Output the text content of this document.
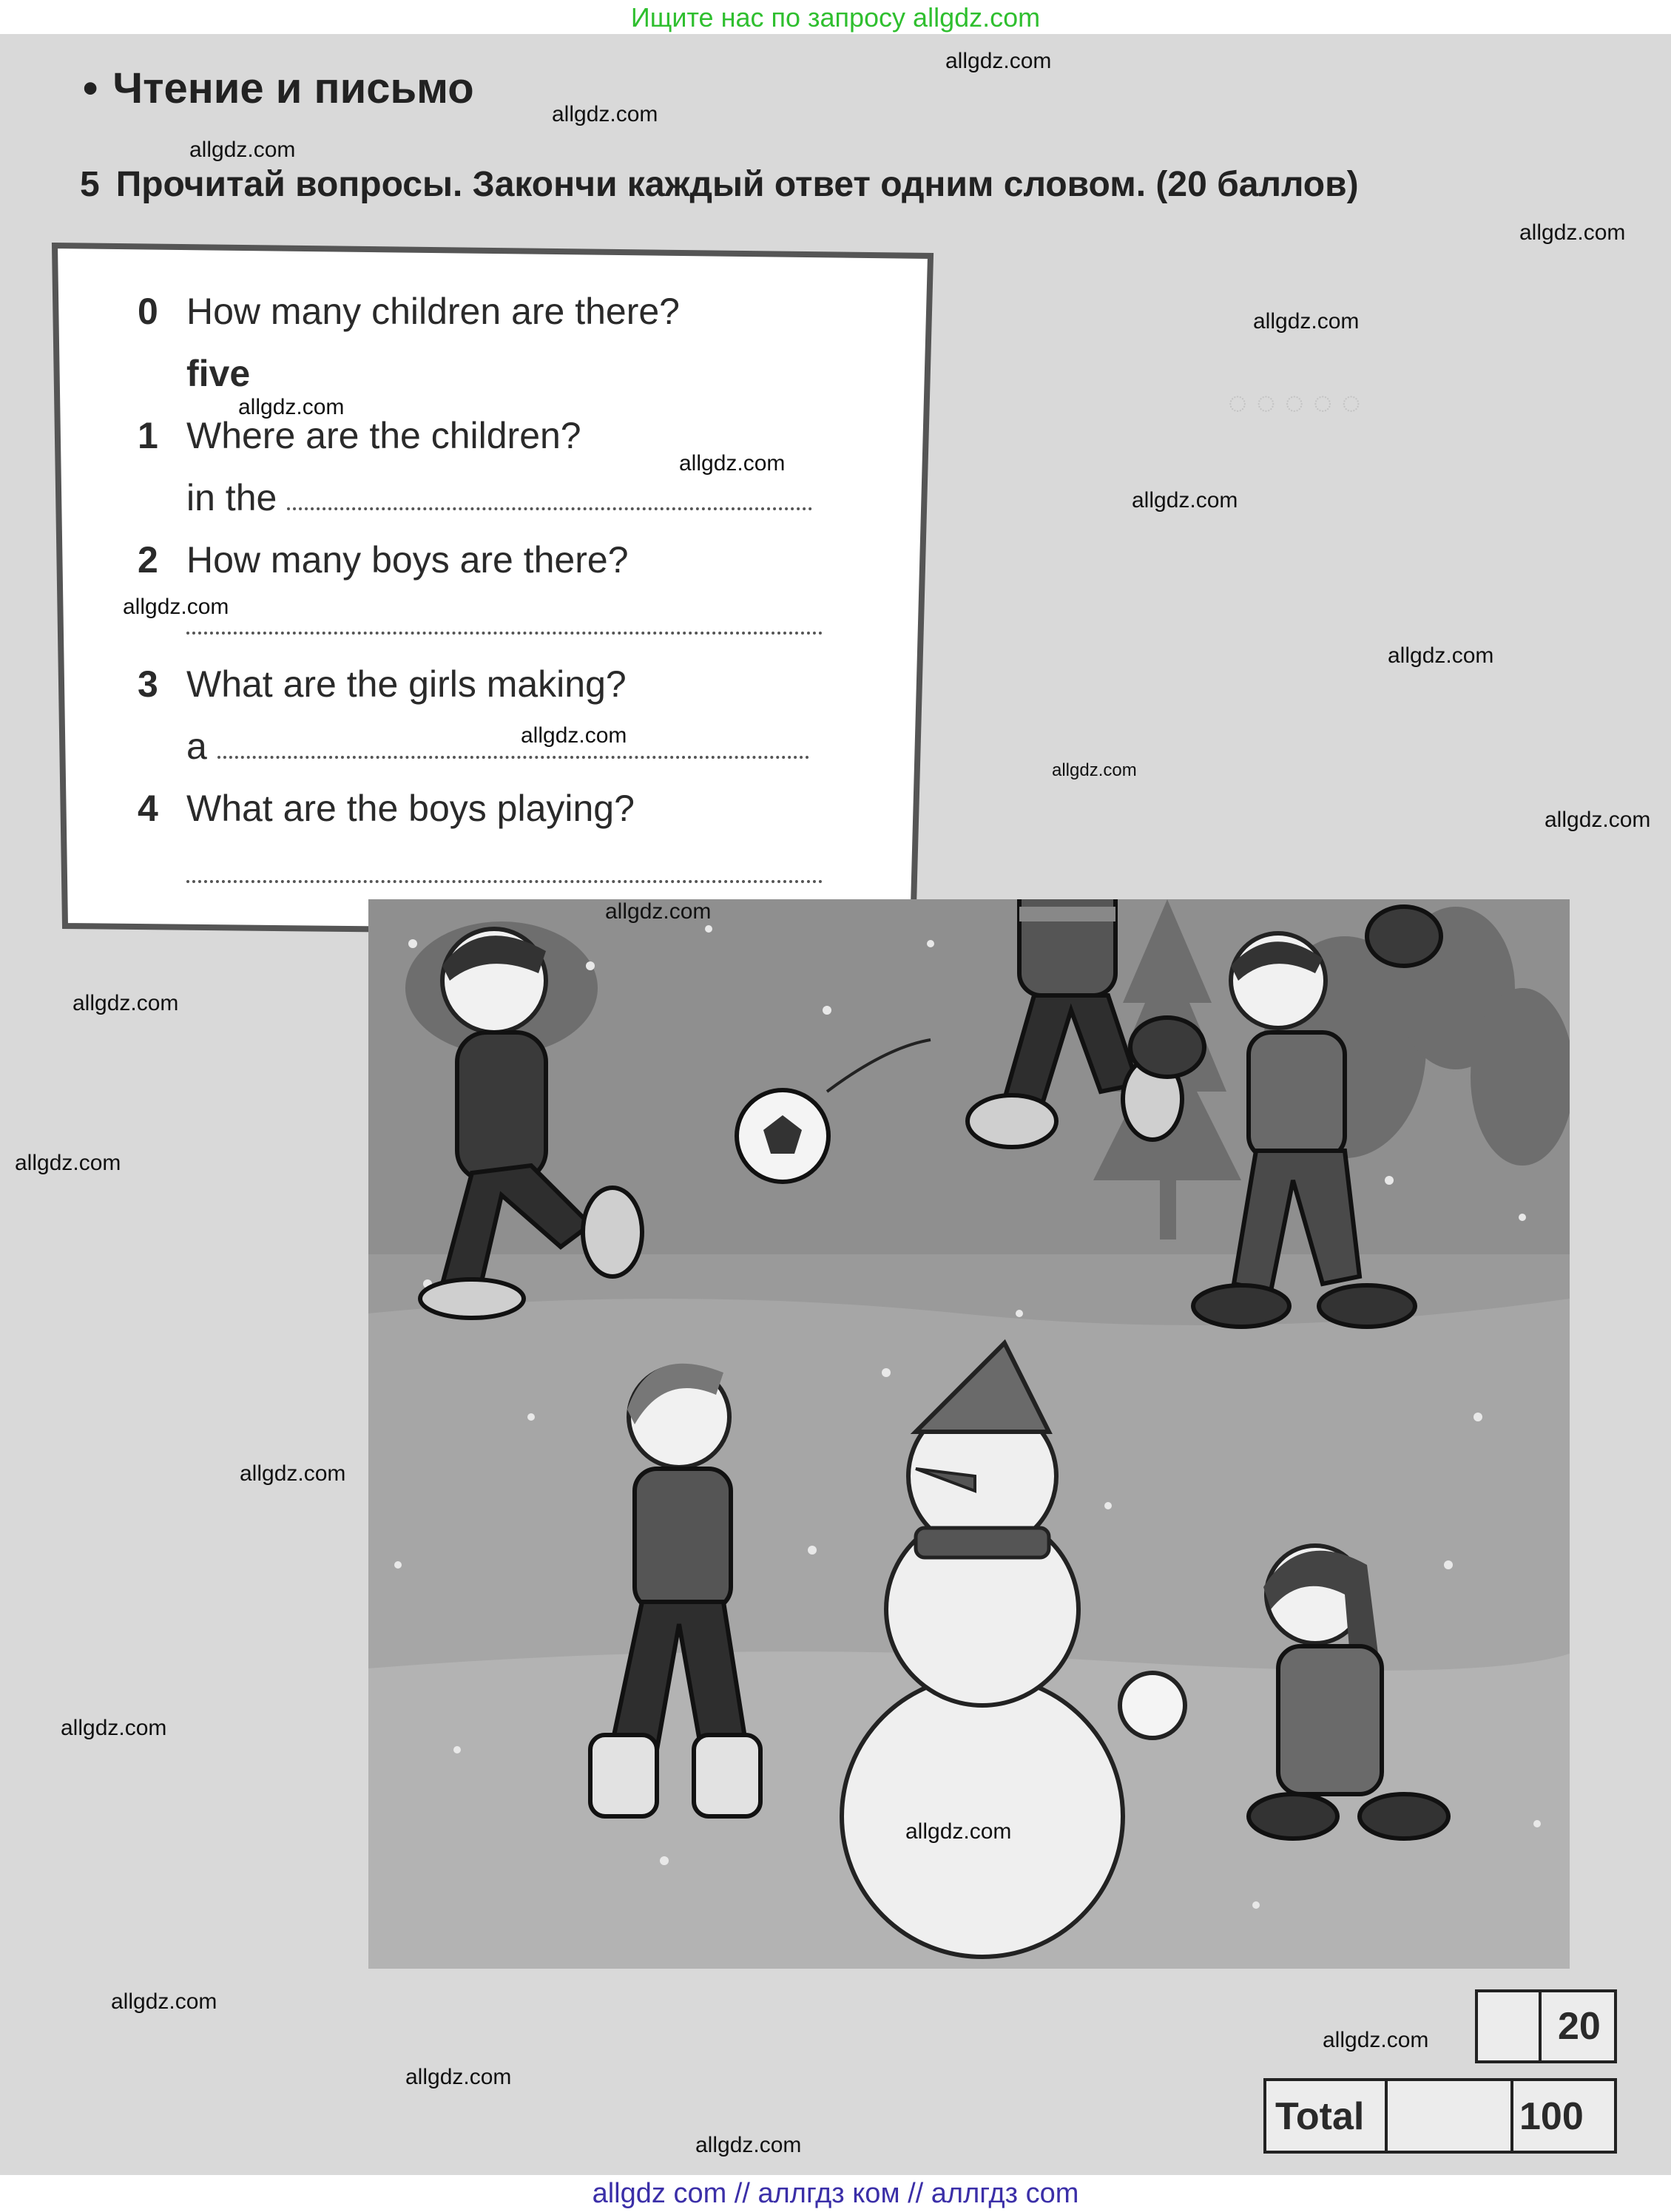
Ищите нас по запросу allgdz.com
◌ ◌ ◌ ◌ ◌
• Чтение и письмо
5 Прочитай вопросы. Закончи каждый ответ одним словом. (20 баллов)
0 How many children are there?
five
1 Where are the children?
in the
2 How many boys are there?
3 What are the girls making?
a
4 What are the boys playing?
20
Total	100
allgdz.com
allgdz.com
allgdz.com
allgdz.com
allgdz.com
allgdz.com
allgdz.com
allgdz.com
allgdz.com
allgdz.com
allgdz.com
allgdz.com
allgdz.com
allgdz.com
allgdz.com
allgdz.com
allgdz.com
allgdz.com
allgdz.com
allgdz.com
allgdz.com
allgdz.com
allgdz.com
allgdz com // аллгдз ком // аллгдз com
